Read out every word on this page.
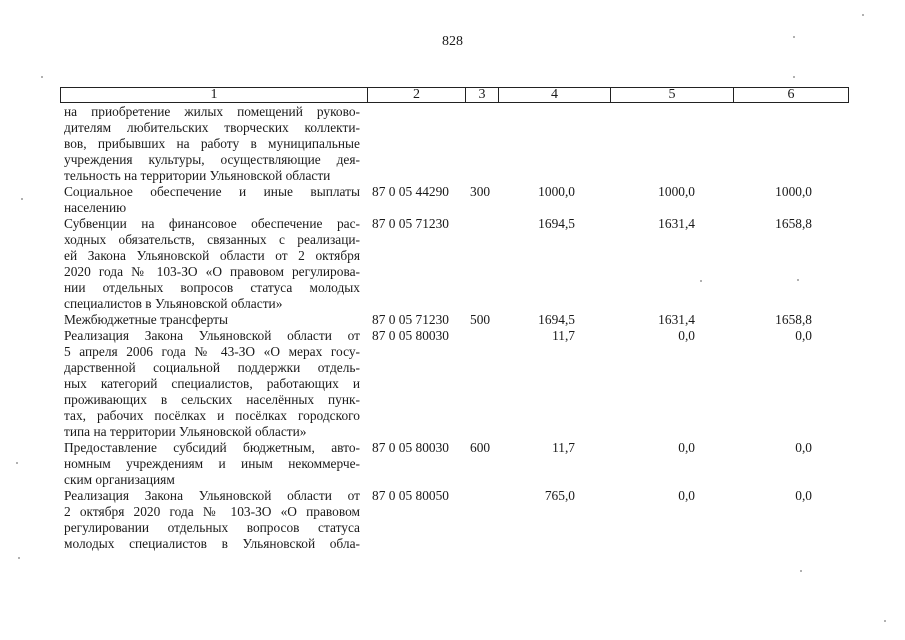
828
1	2	3	4	5	6
на приобретение жилых помещений руково-
дителям любительских творческих коллекти-
вов, прибывших на работу в муниципальные
учреждения культуры, осуществляющие дея-
тельность на территории Ульяновской области
Социальное обеспечение и иные выплаты
населению
87 0 05 44290 300	1000,0	1000,0	1000,0
Субвенции на финансовое обеспечение рас-
ходных обязательств, связанных с реализаци-
ей Закона Ульяновской области от 2 октября
2020 года № 103-ЗО «О правовом регулирова-
нии отдельных вопросов статуса молодых
специалистов в Ульяновской области»
87 0 05 71230	1694,5	1631,4	1658,8
Межбюджетные трансферты	87 0 05 71230 500	1694,5	1631,4	1658,8
Реализация Закона Ульяновской области от
5 апреля 2006 года № 43-ЗО «О мерах госу-
дарственной социальной поддержки отдель-
ных категорий специалистов, работающих и
проживающих в сельских населённых пунк-
тах, рабочих посёлках и посёлках городского
типа на территории Ульяновской области»
87 0 05 80030	11,7	0,0	0,0
Предоставление субсидий бюджетным, авто-
номным учреждениям и иным некоммерче-
ским организациям
87 0 05 80030 600	11,7	0,0	0,0
Реализация Закона Ульяновской области от
2 октября 2020 года № 103-ЗО «О правовом
регулировании отдельных вопросов статуса
молодых специалистов в Ульяновской обла-
87 0 05 80050	765,0	0,0	0,0
